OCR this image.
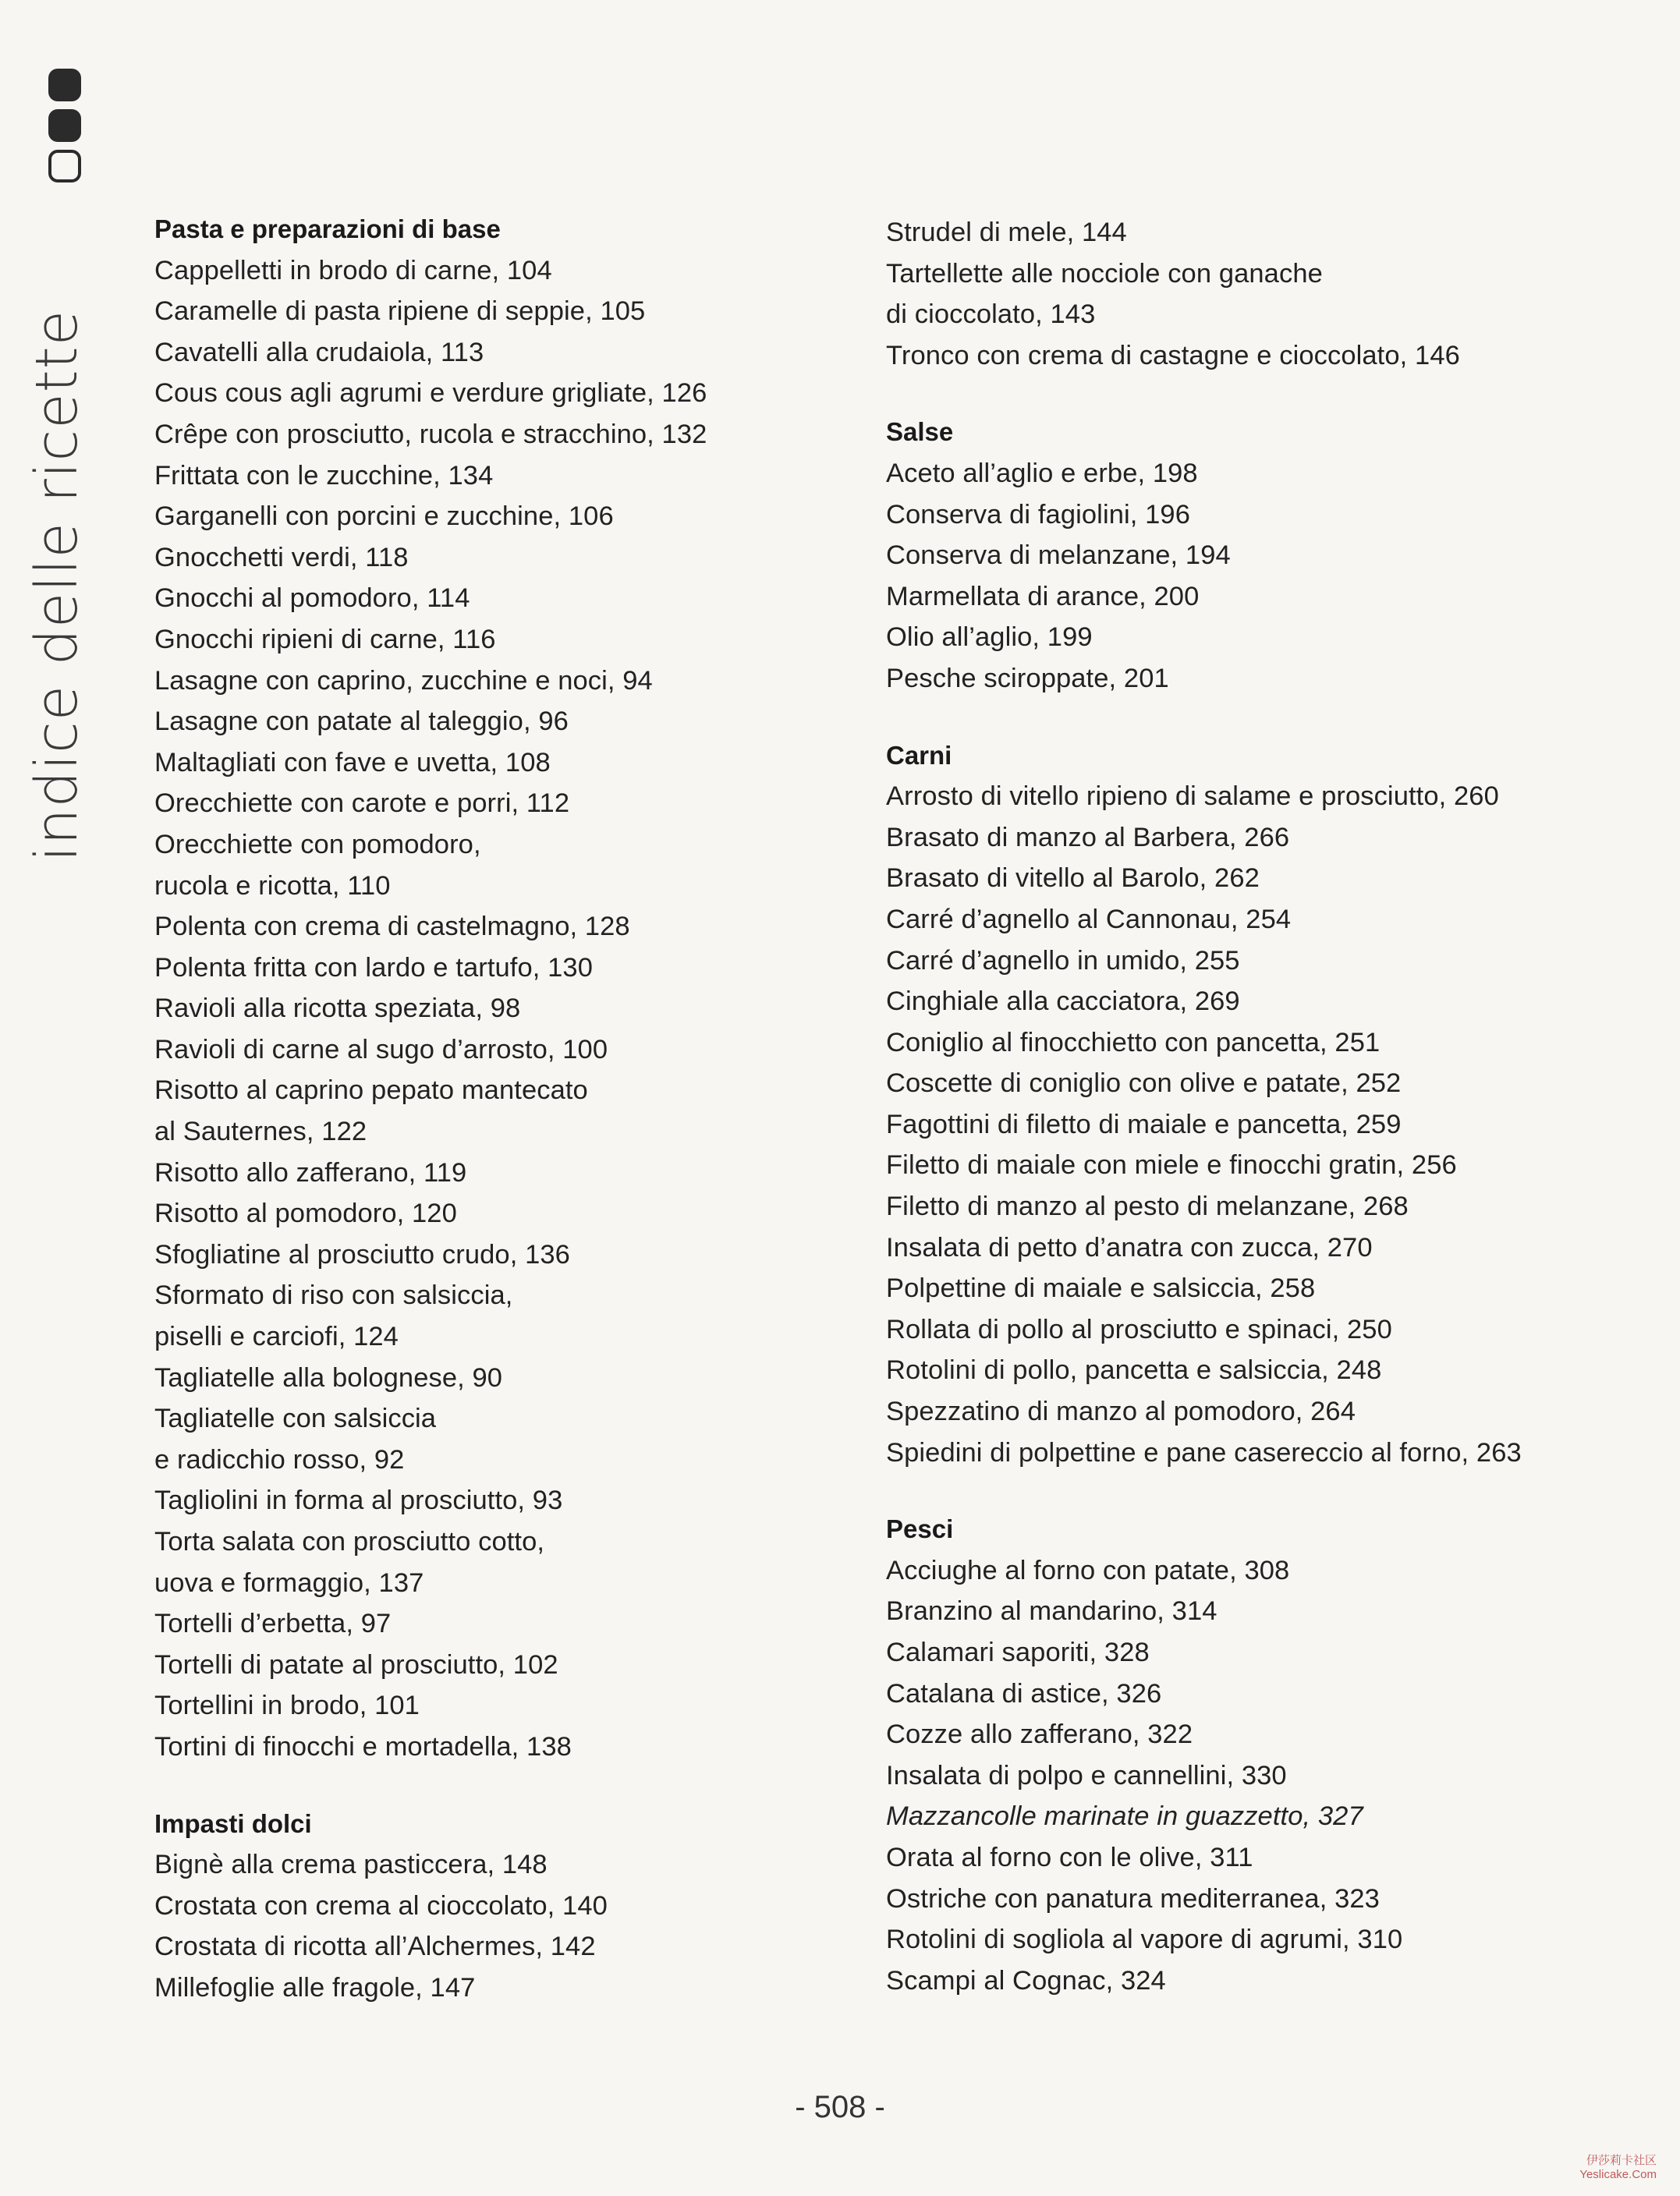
indice delle ricette
Pasta e preparazioni di base
Cappelletti in brodo di carne, 104
Caramelle di pasta ripiene di seppie, 105
Cavatelli alla crudaiola, 113
Cous cous agli agrumi e verdure grigliate, 126
Crêpe con prosciutto, rucola e stracchino, 132
Frittata con le zucchine, 134
Garganelli con porcini e zucchine, 106
Gnocchetti verdi, 118
Gnocchi al pomodoro, 114
Gnocchi ripieni di carne, 116
Lasagne con caprino, zucchine e noci, 94
Lasagne con patate al taleggio, 96
Maltagliati con fave e uvetta, 108
Orecchiette con carote e porri, 112
Orecchiette con pomodoro,
rucola e ricotta, 110
Polenta con crema di castelmagno, 128
Polenta fritta con lardo e tartufo, 130
Ravioli alla ricotta speziata, 98
Ravioli di carne al sugo d’arrosto, 100
Risotto al caprino pepato mantecato
al Sauternes, 122
Risotto allo zafferano, 119
Risotto al pomodoro, 120
Sfogliatine al prosciutto crudo, 136
Sformato di riso con salsiccia,
piselli e carciofi, 124
Tagliatelle alla bolognese, 90
Tagliatelle con salsiccia
e radicchio rosso, 92
Tagliolini in forma al prosciutto, 93
Torta salata con prosciutto cotto,
uova e formaggio, 137
Tortelli d’erbetta, 97
Tortelli di patate al prosciutto, 102
Tortellini in brodo, 101
Tortini di finocchi e mortadella, 138
Impasti dolci
Bignè alla crema pasticcera, 148
Crostata con crema al cioccolato, 140
Crostata di ricotta all’Alchermes, 142
Millefoglie alle fragole, 147
Strudel di mele, 144
Tartellette alle nocciole con ganache
di cioccolato, 143
Tronco con crema di castagne e cioccolato, 146
Salse
Aceto all’aglio e erbe, 198
Conserva di fagiolini, 196
Conserva di melanzane, 194
Marmellata di arance, 200
Olio all’aglio, 199
Pesche sciroppate, 201
Carni
Arrosto di vitello ripieno di salame e prosciutto, 260
Brasato di manzo al Barbera, 266
Brasato di vitello al Barolo, 262
Carré d’agnello al Cannonau, 254
Carré d’agnello in umido, 255
Cinghiale alla cacciatora, 269
Coniglio al finocchietto con pancetta, 251
Coscette di coniglio con olive e patate, 252
Fagottini di filetto di maiale e pancetta, 259
Filetto di maiale con miele e finocchi gratin, 256
Filetto di manzo al pesto di melanzane, 268
Insalata di petto d’anatra con zucca, 270
Polpettine di maiale e salsiccia, 258
Rollata di pollo al prosciutto e spinaci, 250
Rotolini di pollo, pancetta e salsiccia, 248
Spezzatino di manzo al pomodoro, 264
Spiedini di polpettine e pane casereccio al forno, 263
Pesci
Acciughe al forno con patate, 308
Branzino al mandarino, 314
Calamari saporiti, 328
Catalana di astice, 326
Cozze allo zafferano, 322
Insalata di polpo e cannellini, 330
Mazzancolle marinate in guazzetto, 327
Orata al forno con le olive, 311
Ostriche con panatura mediterranea, 323
Rotolini di sogliola al vapore di agrumi, 310
Scampi al Cognac, 324
- 508 -
伊莎莉卡社区
Yeslicake.Com
